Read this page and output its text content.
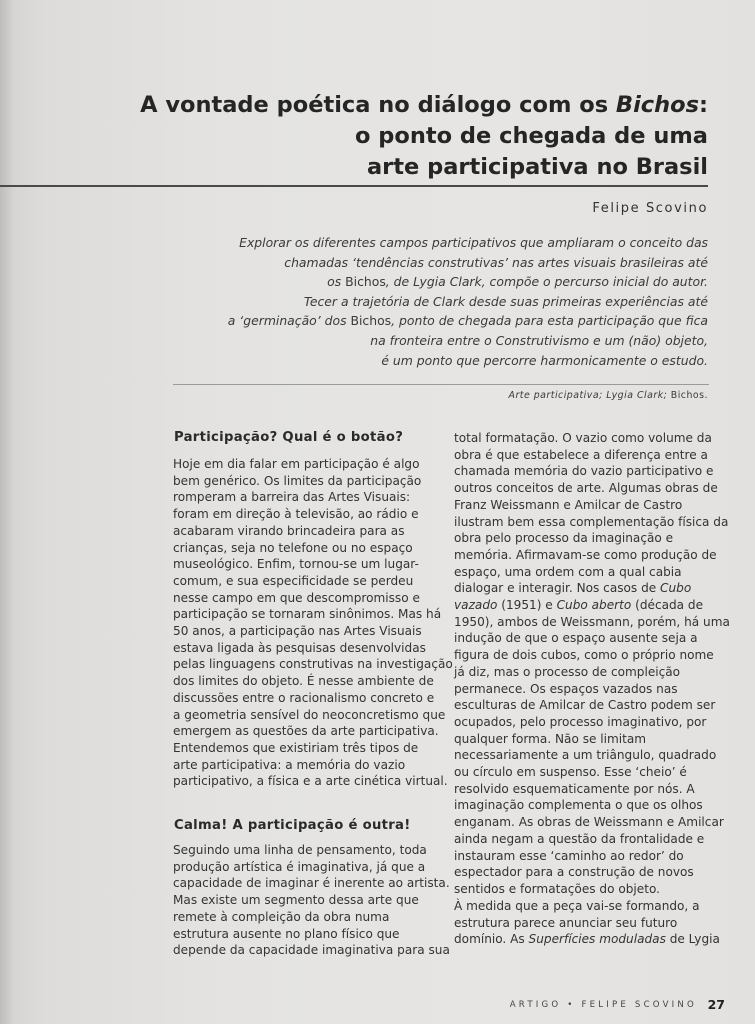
A vontade poética no diálogo com os Bichos:
o ponto de chegada de uma
arte participativa no Brasil
Felipe Scovino
Explorar os diferentes campos participativos que ampliaram o conceito das
chamadas ‘tendências construtivas’ nas artes visuais brasileiras até
os Bichos, de Lygia Clark, compõe o percurso inicial do autor.
Tecer a trajetória de Clark desde suas primeiras experiências até
a ‘germinação’ dos Bichos, ponto de chegada para esta participação que fica
na fronteira entre o Construtivismo e um (não) objeto,
é um ponto que percorre harmonicamente o estudo.
Arte participativa; Lygia Clark; Bichos.
Participação? Qual é o botão?
Hoje em dia falar em participação é algo
bem genérico. Os limites da participação
romperam a barreira das Artes Visuais:
foram em direção à televisão, ao rádio e
acabaram virando brincadeira para as
crianças, seja no telefone ou no espaço
museológico. Enfim, tornou-se um lugar-
comum, e sua especificidade se perdeu
nesse campo em que descompromisso e
participação se tornaram sinônimos. Mas há
50 anos, a participação nas Artes Visuais
estava ligada às pesquisas desenvolvidas
pelas linguagens construtivas na investigação
dos limites do objeto. É nesse ambiente de
discussões entre o racionalismo concreto e
a geometria sensível do neoconcretismo que
emergem as questões da arte participativa.
Entendemos que existiriam três tipos de
arte participativa: a memória do vazio
participativo, a física e a arte cinética virtual.
Calma! A participação é outra!
Seguindo uma linha de pensamento, toda
produção artística é imaginativa, já que a
capacidade de imaginar é inerente ao artista.
Mas existe um segmento dessa arte que
remete à compleição da obra numa
estrutura ausente no plano físico que
depende da capacidade imaginativa para sua
total formatação. O vazio como volume da
obra é que estabelece a diferença entre a
chamada memória do vazio participativo e
outros conceitos de arte. Algumas obras de
Franz Weissmann e Amilcar de Castro
ilustram bem essa complementação física da
obra pelo processo da imaginação e
memória. Afirmavam-se como produção de
espaço, uma ordem com a qual cabia
dialogar e interagir. Nos casos de Cubo
vazado (1951) e Cubo aberto (década de
1950), ambos de Weissmann, porém, há uma
indução de que o espaço ausente seja a
figura de dois cubos, como o próprio nome
já diz, mas o processo de compleição
permanece. Os espaços vazados nas
esculturas de Amilcar de Castro podem ser
ocupados, pelo processo imaginativo, por
qualquer forma. Não se limitam
necessariamente a um triângulo, quadrado
ou círculo em suspenso. Esse ‘cheio’ é
resolvido esquematicamente por nós. A
imaginação complementa o que os olhos
enganam. As obras de Weissmann e Amilcar
ainda negam a questão da frontalidade e
instauram esse ‘caminho ao redor’ do
espectador para a construção de novos
sentidos e formatações do objeto.
À medida que a peça vai-se formando, a
estrutura parece anunciar seu futuro
domínio. As Superfícies moduladas de Lygia
ARTIGO • FELIPE SCOVINO 27
